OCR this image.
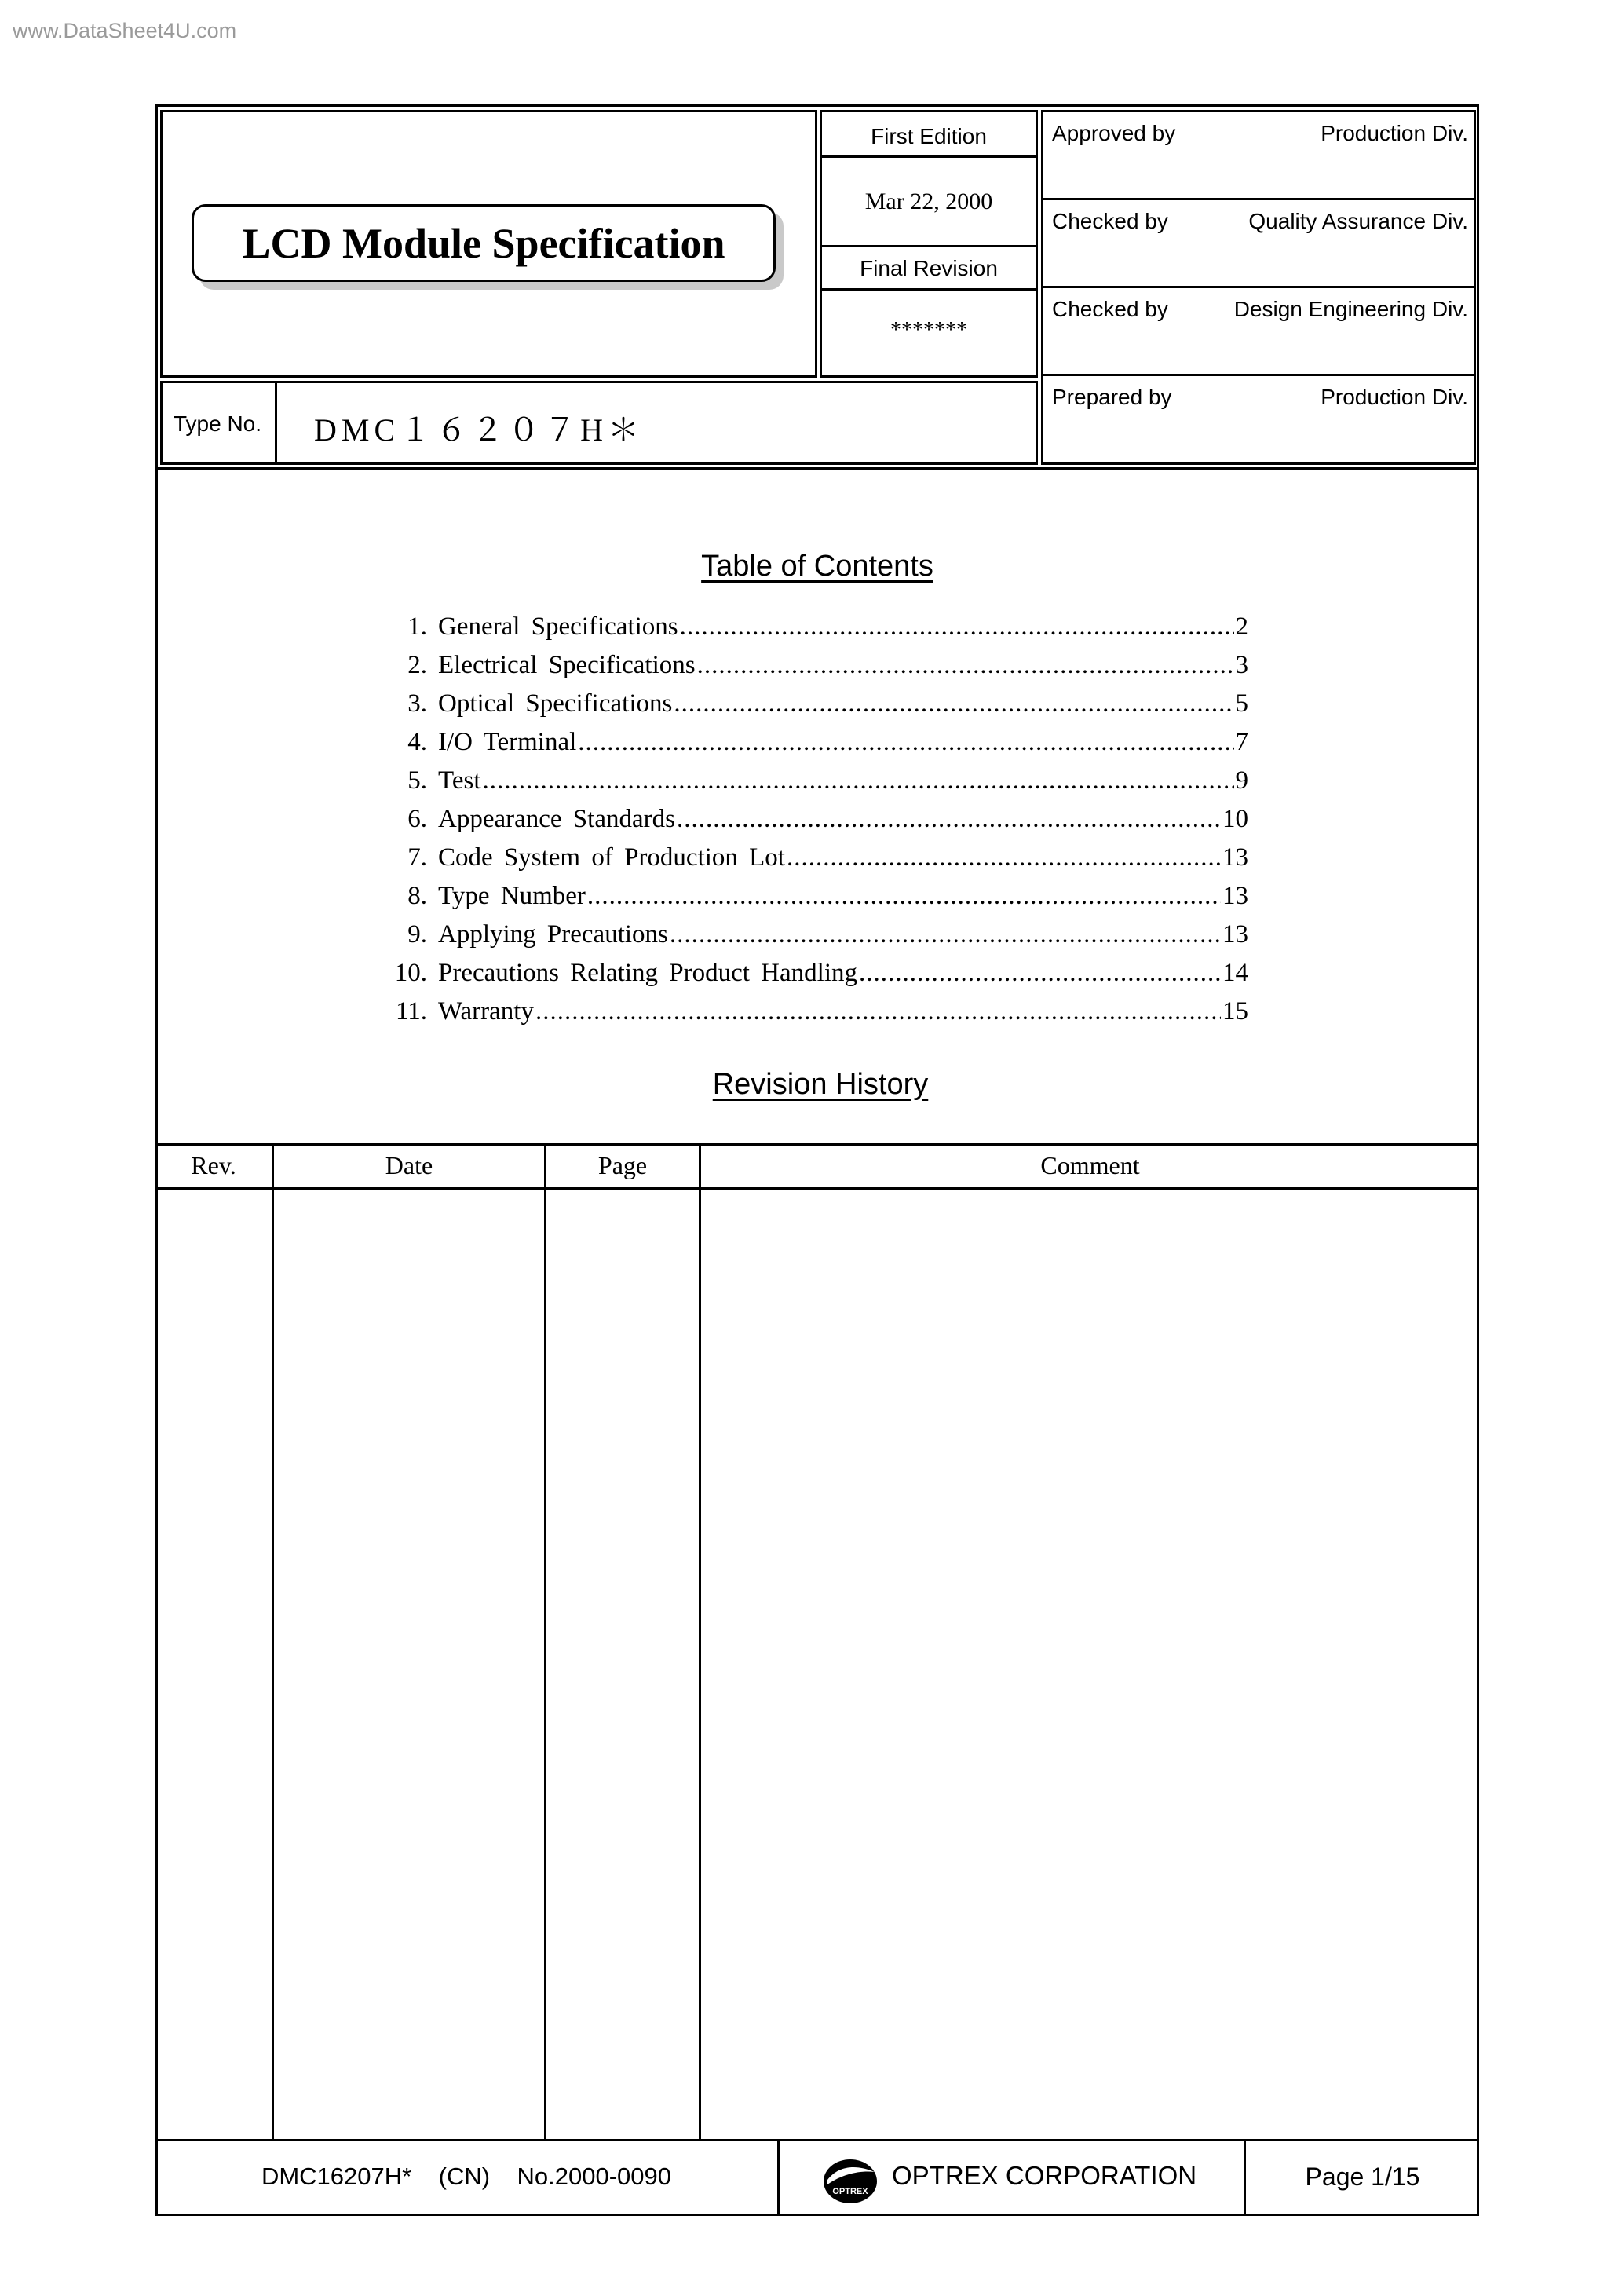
www.DataSheet4U.com
LCD Module Specification
First Edition
Mar 22, 2000
Final Revision
*******
Approved by	Production Div.
Checked by	Quality Assurance Div.
Checked by	Design Engineering Div.
Prepared by	Production Div.
Type No.	DMC１６２０７H＊
Table of Contents
1. General Specifications .....	2
2. Electrical Specifications .....	3
3. Optical Specifications .....	5
4. I/O Terminal .....	7
5. Test .....	9
6. Appearance Standards .....	10
7. Code System of Production Lot .....	13
8. Type Number .....	13
9. Applying Precautions .....	13
10. Precautions Relating Product Handling .....	14
11. Warranty .....	15
Revision History
Rev.	Date	Page	Comment
DMC16207H*    (CN)    No.2000-0090
OPTREX
OPTREX CORPORATION	Page 1/15
